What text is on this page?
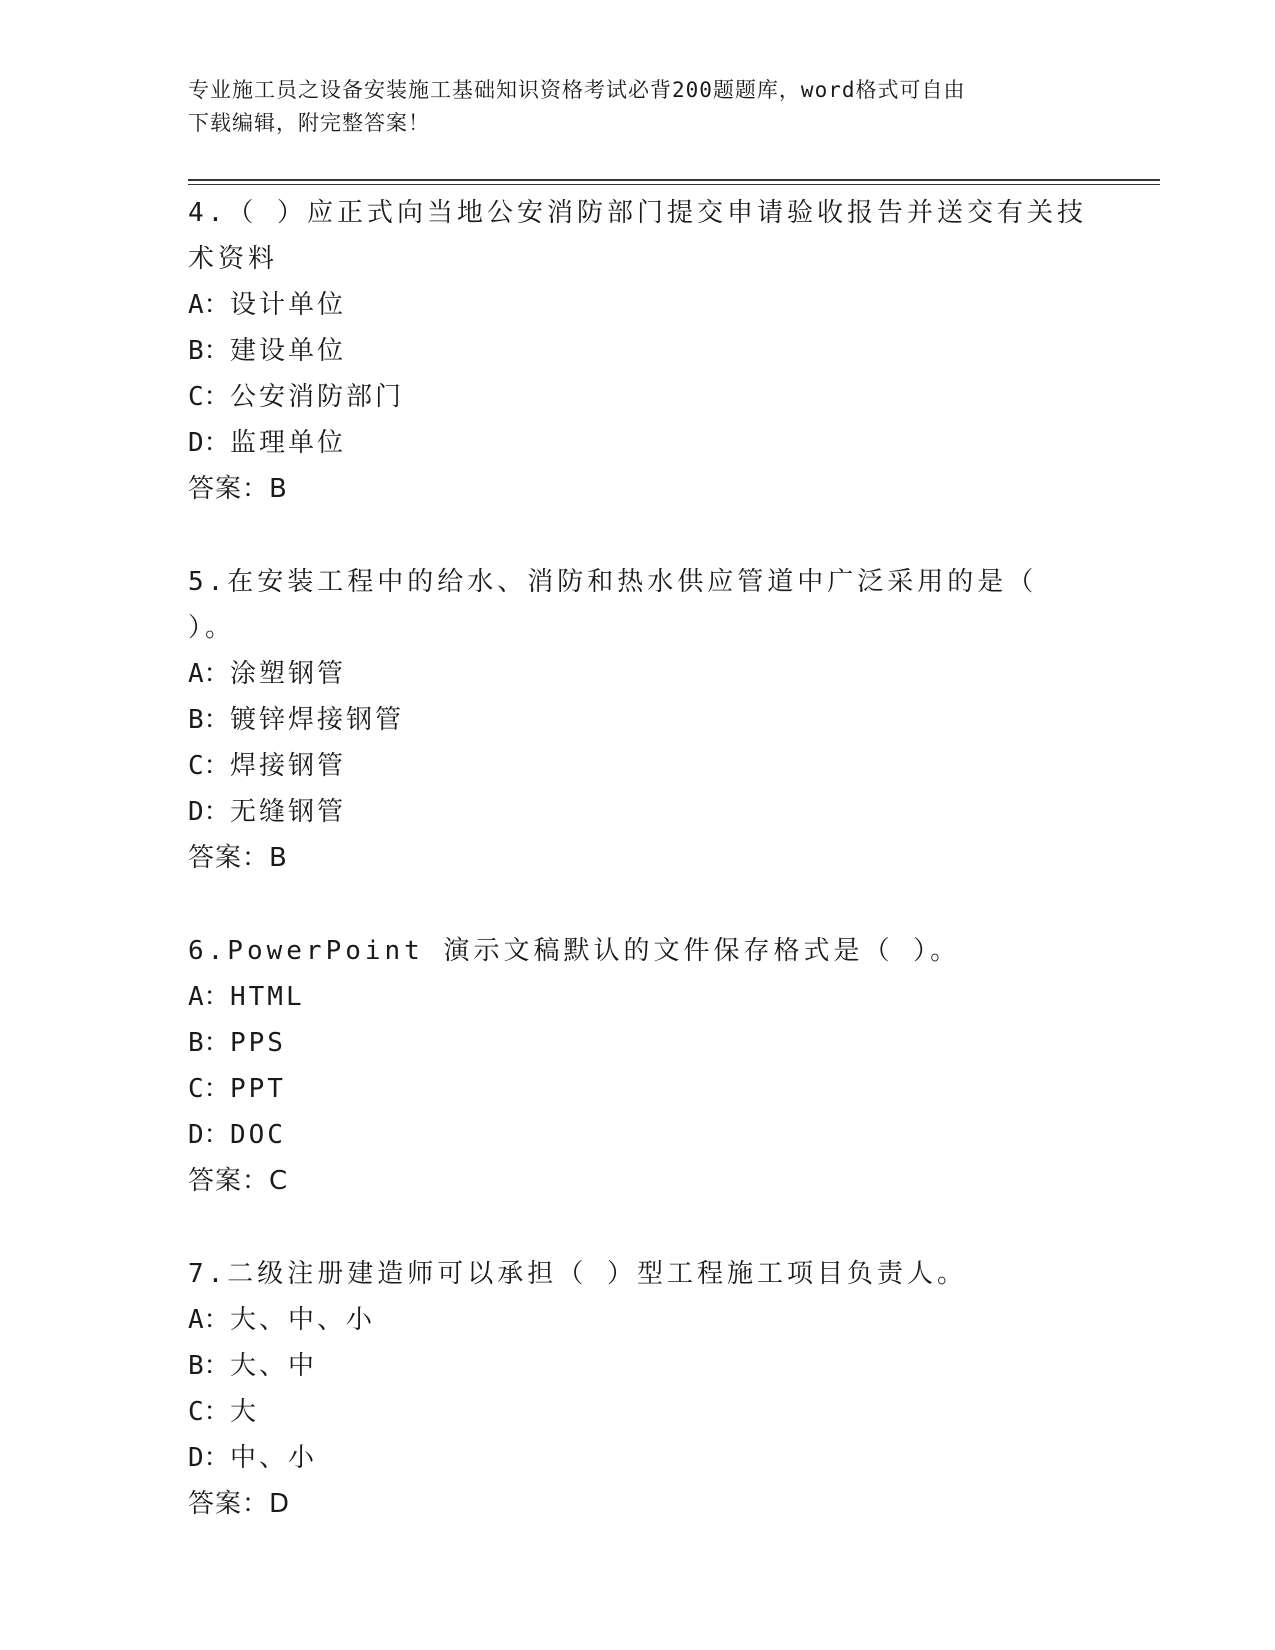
专业施工员之设备安装施工基础知识资格考试必背200题题库，word格式可自由
下载编辑，附完整答案！
4.（ ）应正式向当地公安消防部门提交申请验收报告并送交有关技术资料
A：设计单位
B：建设单位
C：公安消防部门
D：监理单位
答案：B
5.在安装工程中的给水、消防和热水供应管道中广泛采用的是（ ）。
A：涂塑钢管
B：镀锌焊接钢管
C：焊接钢管
D：无缝钢管
答案：B
6.PowerPoint 演示文稿默认的文件保存格式是（ ）。
A：HTML
B：PPS
C：PPT
D：DOC
答案：C
7.二级注册建造师可以承担（ ）型工程施工项目负责人。
A：大、中、小
B：大、中
C：大
D：中、小
答案：D
